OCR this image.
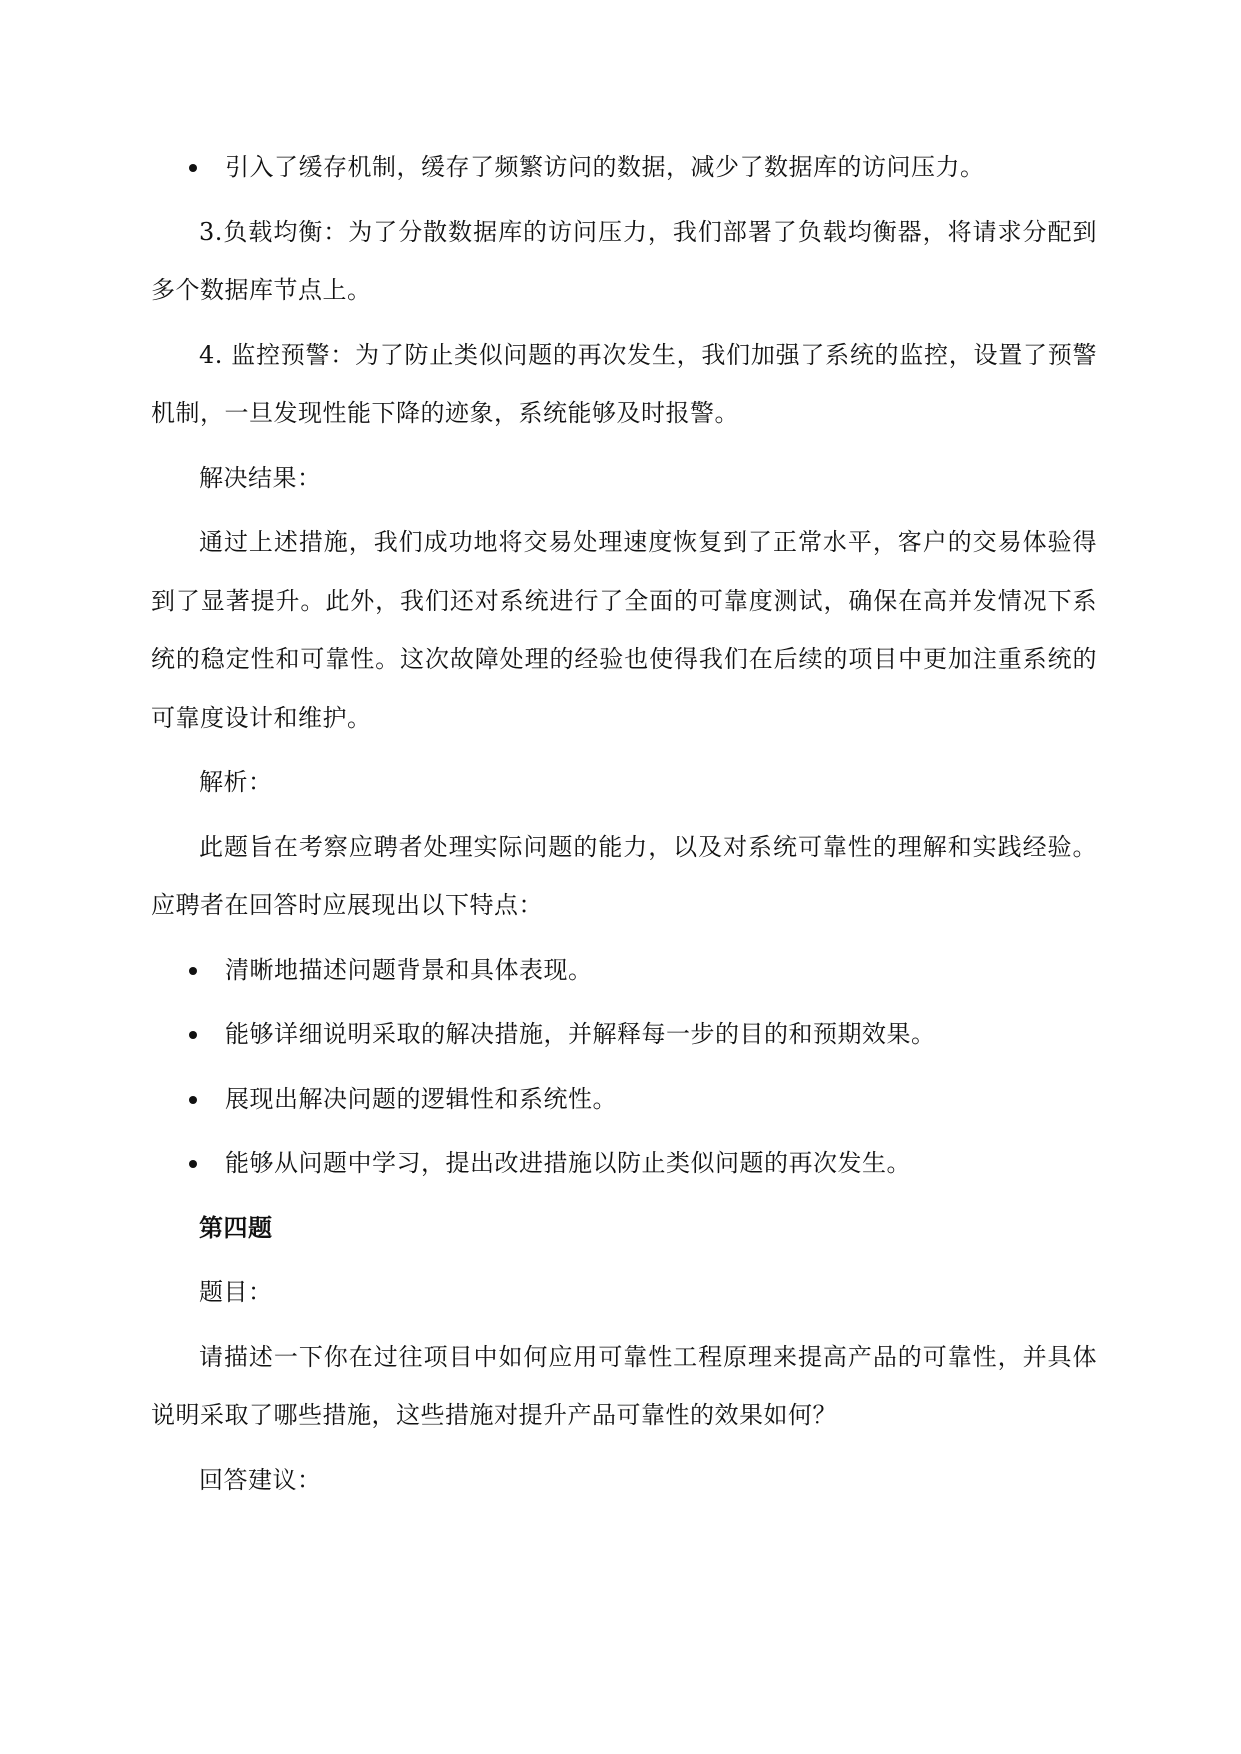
引入了缓存机制，缓存了频繁访问的数据，减少了数据库的访问压力。

3.负载均衡：为了分散数据库的访问压力，我们部署了负载均衡器，将请求分配到多个数据库节点上。

4. 监控预警：为了防止类似问题的再次发生，我们加强了系统的监控，设置了预警机制，一旦发现性能下降的迹象，系统能够及时报警。

解决结果：

通过上述措施，我们成功地将交易处理速度恢复到了正常水平，客户的交易体验得到了显著提升。此外，我们还对系统进行了全面的可靠度测试，确保在高并发情况下系统的稳定性和可靠性。这次故障处理的经验也使得我们在后续的项目中更加注重系统的可靠度设计和维护。

解析：

此题旨在考察应聘者处理实际问题的能力，以及对系统可靠性的理解和实践经验。应聘者在回答时应展现出以下特点：

清晰地描述问题背景和具体表现。
能够详细说明采取的解决措施，并解释每一步的目的和预期效果。
展现出解决问题的逻辑性和系统性。
能够从问题中学习，提出改进措施以防止类似问题的再次发生。

第四题

题目：

请描述一下你在过往项目中如何应用可靠性工程原理来提高产品的可靠性，并具体说明采取了哪些措施，这些措施对提升产品可靠性的效果如何？

回答建议：
